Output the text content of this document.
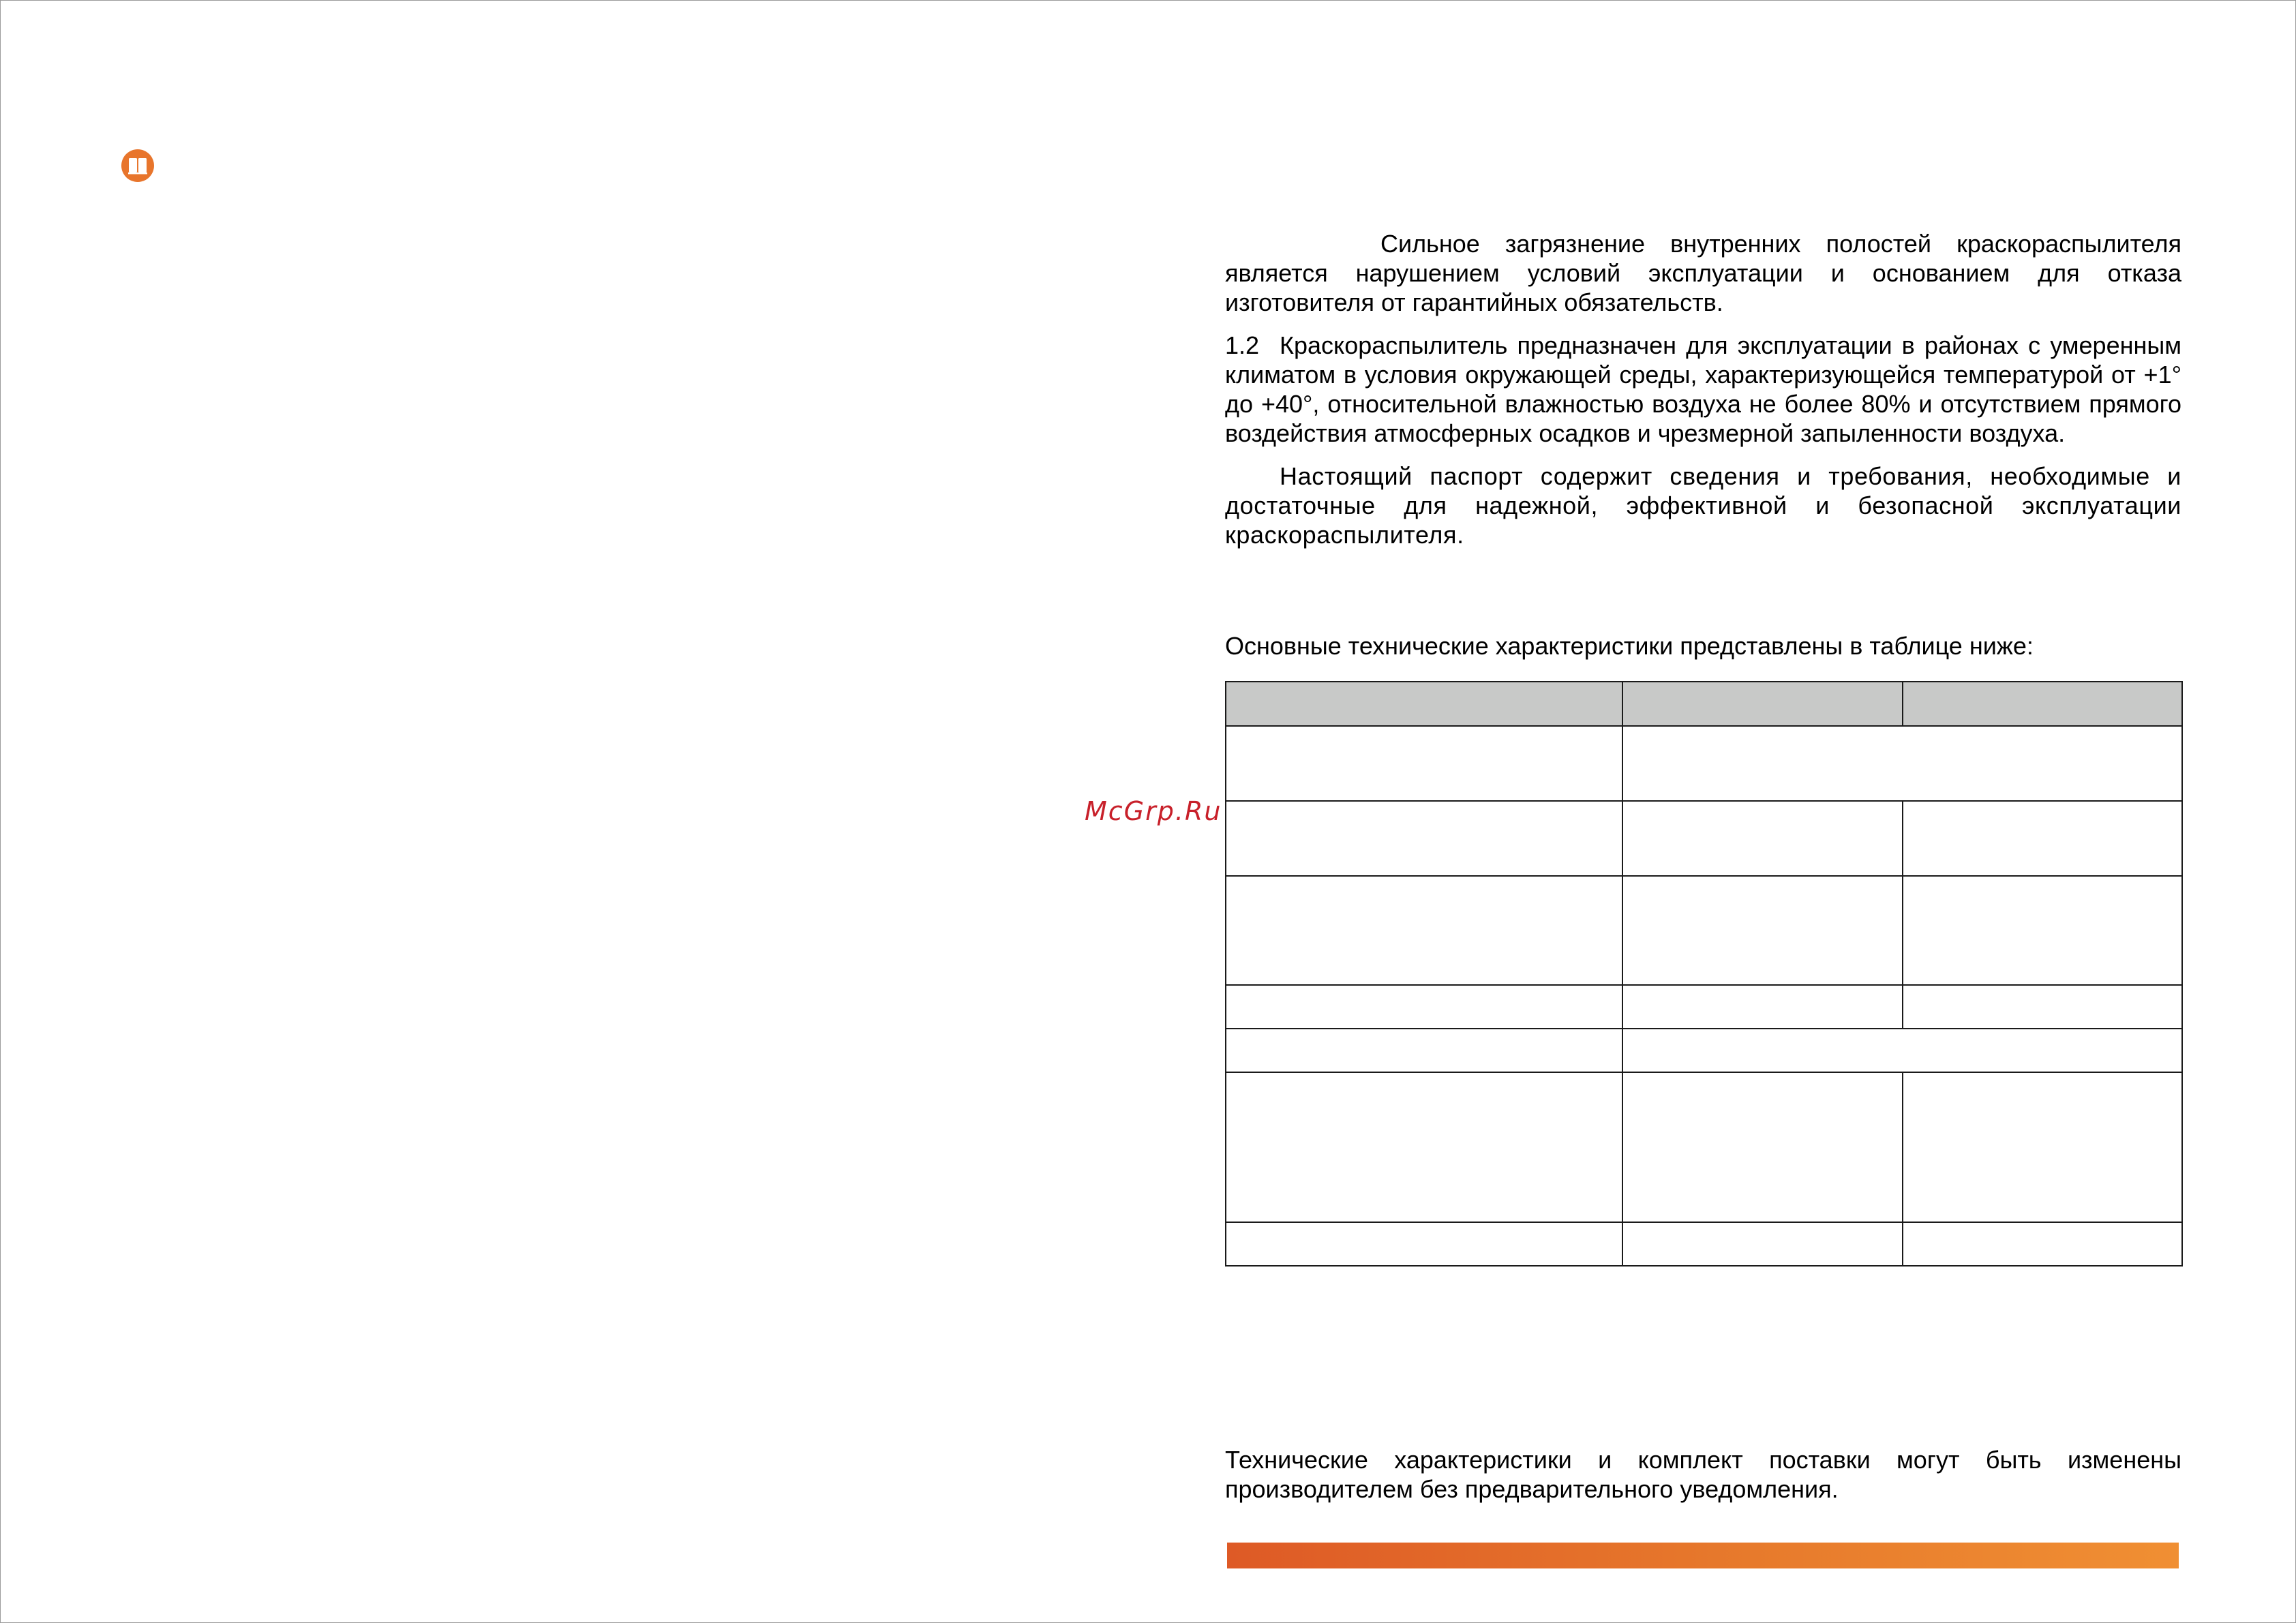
Сильное загрязнение внутренних полостей краскораспылителя является нарушением условий эксплуатации и основанием для отказа изготовителя от гарантийных обязательств.

1.2 Краскораспылитель предназначен для эксплуатации в районах с умеренным климатом в условия окружающей среды, характеризующейся температурой от +1° до +40°, относительной влажностью воздуха не более 80% и отсутствием прямого воздействия атмосферных осадков и чрезмерной запыленности воздуха.

Настоящий паспорт содержит сведения и требования, необходимые и достаточные для надежной, эффективной и безопасной эксплуатации краскораспылителя.

Основные технические характеристики представлены в таблице ниже:

McGrp.Ru

Технические характеристики и комплект поставки могут быть изменены производителем без предварительного уведомления.
